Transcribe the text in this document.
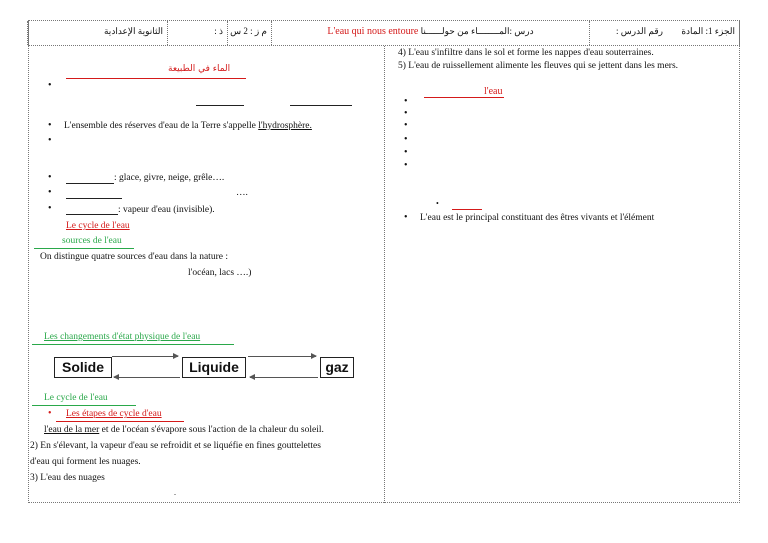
الجزء 1: المادة
رقم الدرس :
L'eau qui nous entoure درس :المــــــــاء من حولــــــنا
م ز : 2 س
ذ :
الثانوية الإعدادية
الماء في الطبيعة
•
• L'ensemble des réserves d'eau de la Terre s'appelle l'hydrosphère.
•
•	: glace, givre, neige, grêle….
•	….
•	: vapeur d'eau (invisible).
Le cycle de l'eau
sources de l'eau
On distingue quatre sources d'eau dans la nature :
l'océan, lacs ….)
Les changements d'état physique de l'eau
Solide	Liquide	gaz
Le cycle de l'eau
• Les étapes de cycle d'eau
l'eau de la mer et de l'océan s'évapore sous l'action de la chaleur du soleil.
2) En s'élevant, la vapeur d'eau se refroidit et se liquéfie en fines gouttelettes
d'eau qui forment les nuages.
3) L'eau des nuages
.
4) L'eau s'infiltre dans le sol et forme les nappes d'eau souterraines.
5) L'eau de ruissellement alimente les fleuves qui se jettent dans les mers.
l'eau
•
•
•
•
•
•
•
• L'eau est le principal constituant des êtres vivants et l'élément
